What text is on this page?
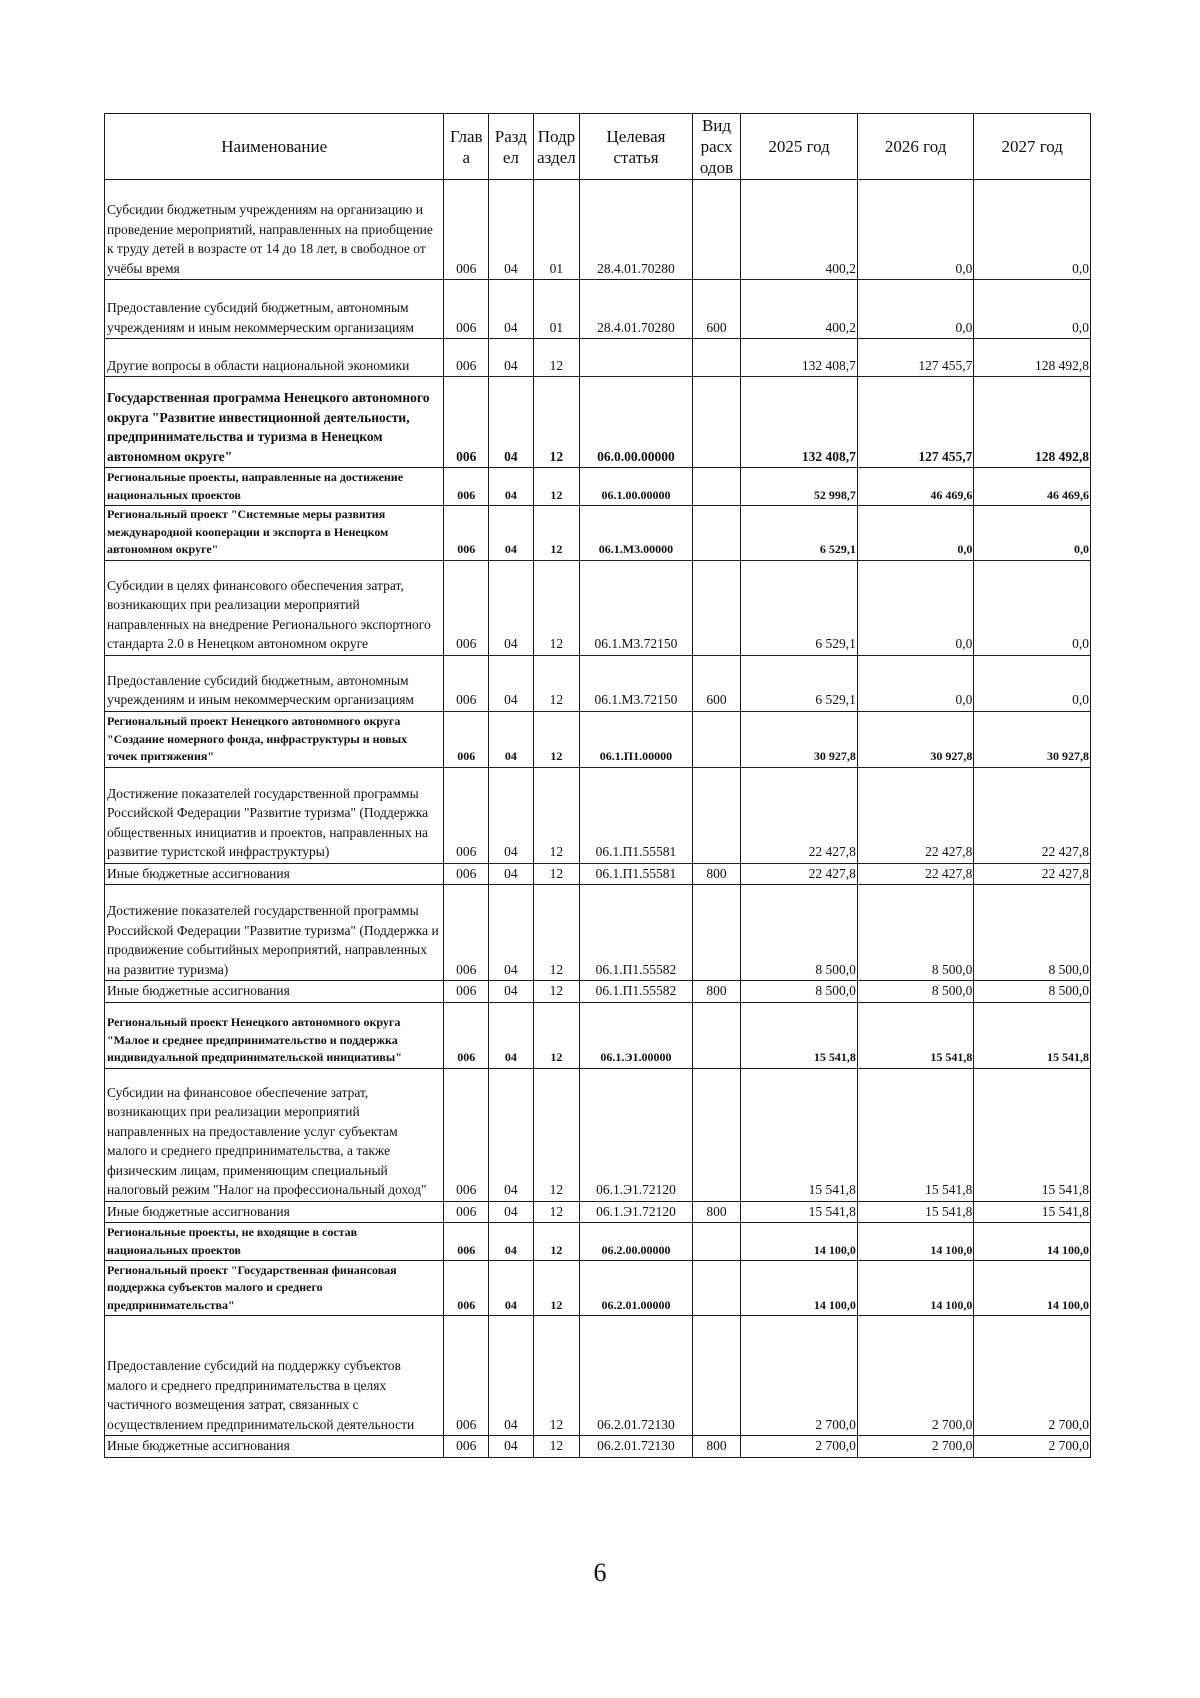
Наименование	Глав а	Разд ел	Подр аздел	Целевая статья	Вид расх одов	2025 год	2026 год	2027 год
Субсидии бюджетным учреждениям на организацию и проведение мероприятий, направленных на приобщение к труду детей в возрасте от 14 до 18 лет, в свободное от учёбы время	006	04	01	28.4.01.70280		400,2	0,0	0,0
Предоставление субсидий бюджетным, автономным учреждениям и иным некоммерческим организациям	006	04	01	28.4.01.70280	600	400,2	0,0	0,0
Другие вопросы в области национальной экономики	006	04	12			132 408,7	127 455,7	128 492,8
Государственная программа Ненецкого автономного округа "Развитие инвестиционной деятельности, предпринимательства и туризма в Ненецком автономном округе"	006	04	12	06.0.00.00000		132 408,7	127 455,7	128 492,8
Региональные проекты, направленные на достижение национальных проектов	006	04	12	06.1.00.00000		52 998,7	46 469,6	46 469,6
Региональный проект "Системные меры развития международной кооперации и экспорта в Ненецком автономном округе"	006	04	12	06.1.М3.00000		6 529,1	0,0	0,0
Субсидии в целях финансового обеспечения затрат, возникающих при реализации мероприятий направленных на внедрение Регионального экспортного стандарта 2.0 в Ненецком автономном округе	006	04	12	06.1.М3.72150		6 529,1	0,0	0,0
Предоставление субсидий бюджетным, автономным учреждениям и иным некоммерческим организациям	006	04	12	06.1.М3.72150	600	6 529,1	0,0	0,0
Региональный проект Ненецкого автономного округа "Создание номерного фонда, инфраструктуры и новых точек притяжения"	006	04	12	06.1.П1.00000		30 927,8	30 927,8	30 927,8
Достижение показателей государственной программы Российской Федерации "Развитие туризма" (Поддержка общественных инициатив и проектов, направленных на развитие туристской инфраструктуры)	006	04	12	06.1.П1.55581		22 427,8	22 427,8	22 427,8
Иные бюджетные ассигнования	006	04	12	06.1.П1.55581	800	22 427,8	22 427,8	22 427,8
Достижение показателей государственной программы Российской Федерации "Развитие туризма" (Поддержка и продвижение событийных мероприятий, направленных на развитие туризма)	006	04	12	06.1.П1.55582		8 500,0	8 500,0	8 500,0
Иные бюджетные ассигнования	006	04	12	06.1.П1.55582	800	8 500,0	8 500,0	8 500,0
Региональный проект Ненецкого автономного округа "Малое и среднее предпринимательство и поддержка индивидуальной предпринимательской инициативы"	006	04	12	06.1.Э1.00000		15 541,8	15 541,8	15 541,8
Субсидии на финансовое обеспечение затрат, возникающих при реализации мероприятий направленных на предоставление услуг субъектам малого и среднего предпринимательства, а также физическим лицам, применяющим специальный налоговый режим "Налог на профессиональный доход"	006	04	12	06.1.Э1.72120		15 541,8	15 541,8	15 541,8
Иные бюджетные ассигнования	006	04	12	06.1.Э1.72120	800	15 541,8	15 541,8	15 541,8
Региональные проекты, не входящие в состав национальных проектов	006	04	12	06.2.00.00000		14 100,0	14 100,0	14 100,0
Региональный проект "Государственная финансовая поддержка субъектов малого и среднего предпринимательства"	006	04	12	06.2.01.00000		14 100,0	14 100,0	14 100,0
Предоставление субсидий на поддержку субъектов малого и среднего предпринимательства в целях частичного возмещения затрат, связанных с осуществлением предпринимательской деятельности	006	04	12	06.2.01.72130		2 700,0	2 700,0	2 700,0
Иные бюджетные ассигнования	006	04	12	06.2.01.72130	800	2 700,0	2 700,0	2 700,0
6
